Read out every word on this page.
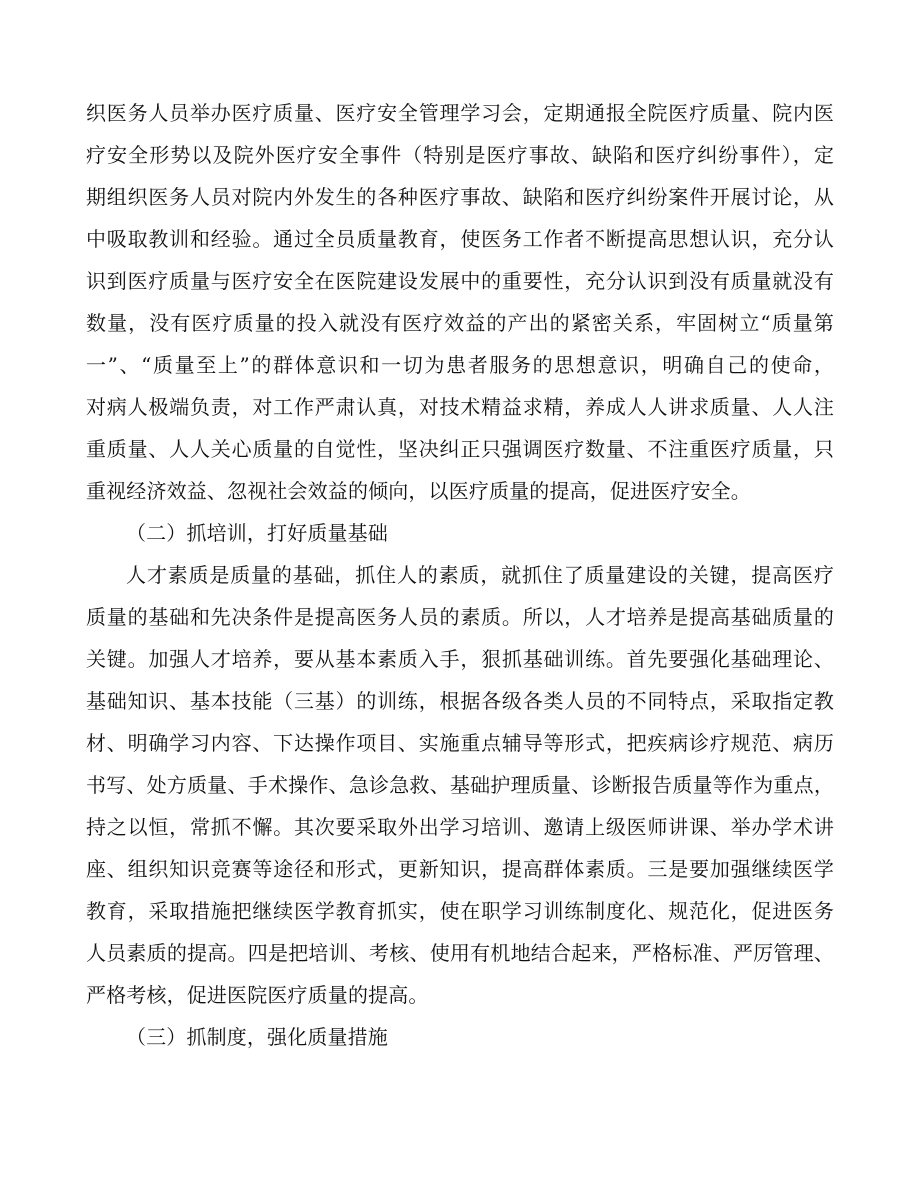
织医务人员举办医疗质量、医疗安全管理学习会，定期通报全院医疗质量、院内医
疗安全形势以及院外医疗安全事件（特别是医疗事故、缺陷和医疗纠纷事件），定
期组织医务人员对院内外发生的各种医疗事故、缺陷和医疗纠纷案件开展讨论，从
中吸取教训和经验。通过全员质量教育，使医务工作者不断提高思想认识，充分认
识到医疗质量与医疗安全在医院建设发展中的重要性，充分认识到没有质量就没有
数量，没有医疗质量的投入就没有医疗效益的产出的紧密关系，牢固树立“质量第
一”、“质量至上”的群体意识和一切为患者服务的思想意识，明确自己的使命，
对病人极端负责，对工作严肃认真，对技术精益求精，养成人人讲求质量、人人注
重质量、人人关心质量的自觉性，坚决纠正只强调医疗数量、不注重医疗质量，只
重视经济效益、忽视社会效益的倾向，以医疗质量的提高，促进医疗安全。
（二）抓培训，打好质量基础
人才素质是质量的基础，抓住人的素质，就抓住了质量建设的关键，提高医疗
质量的基础和先决条件是提高医务人员的素质。所以，人才培养是提高基础质量的
关键。加强人才培养，要从基本素质入手，狠抓基础训练。首先要强化基础理论、
基础知识、基本技能（三基）的训练，根据各级各类人员的不同特点，采取指定教
材、明确学习内容、下达操作项目、实施重点辅导等形式，把疾病诊疗规范、病历
书写、处方质量、手术操作、急诊急救、基础护理质量、诊断报告质量等作为重点，
持之以恒，常抓不懈。其次要采取外出学习培训、邀请上级医师讲课、举办学术讲
座、组织知识竞赛等途径和形式，更新知识，提高群体素质。三是要加强继续医学
教育，采取措施把继续医学教育抓实，使在职学习训练制度化、规范化，促进医务
人员素质的提高。四是把培训、考核、使用有机地结合起来，严格标准、严厉管理、
严格考核，促进医院医疗质量的提高。
（三）抓制度，强化质量措施
